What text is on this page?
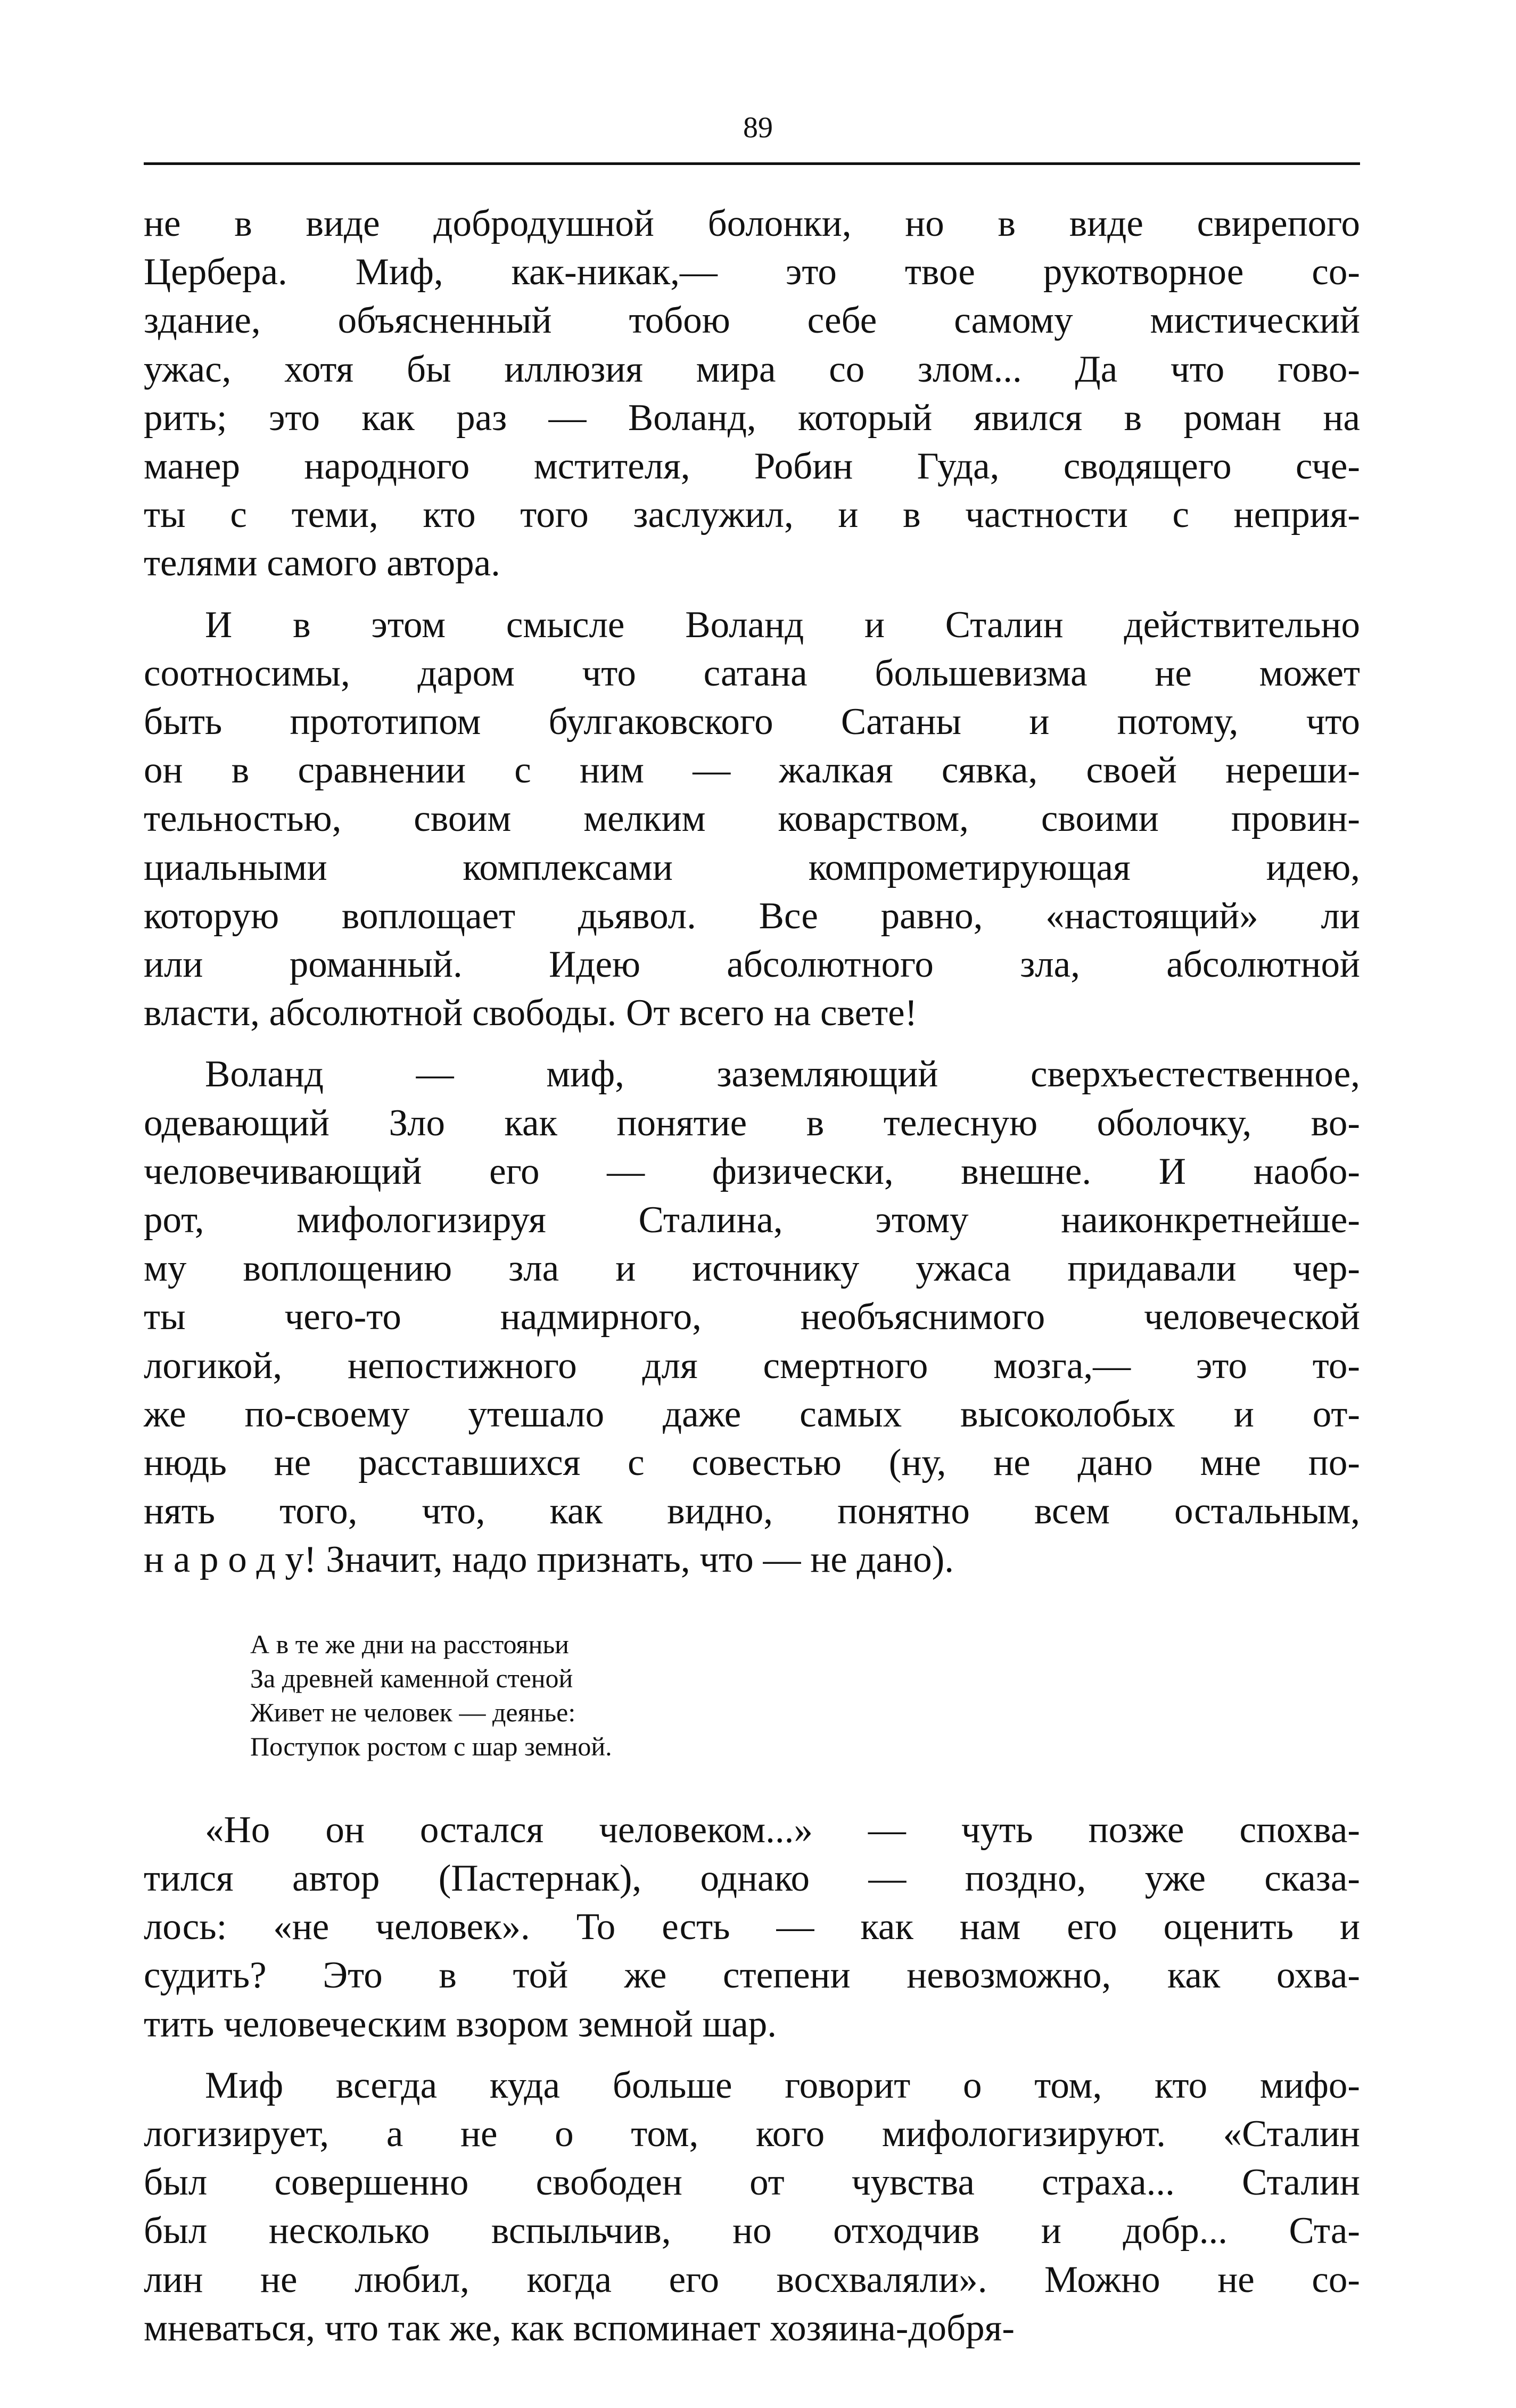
89
не в виде добродушной болонки, но в виде свирепого
Цербера. Миф, как-никак,— это твое рукотворное со-
здание, объясненный тобою себе самому мистический
ужас, хотя бы иллюзия мира со злом... Да что гово-
рить; это как раз — Воланд, который явился в роман на
манер народного мстителя, Робин Гуда, сводящего сче-
ты с теми, кто того заслужил, и в частности с неприя-
телями самого автора.
И в этом смысле Воланд и Сталин действительно
соотносимы, даром что сатана большевизма не может
быть прототипом булгаковского Сатаны и потому, что
он в сравнении с ним — жалкая сявка, своей нереши-
тельностью, своим мелким коварством, своими провин-
циальными комплексами компрометирующая идею,
которую воплощает дьявол. Все равно, «настоящий» ли
или романный. Идею абсолютного зла, абсолютной
власти, абсолютной свободы. От всего на свете!
Воланд — миф, заземляющий сверхъестественное,
одевающий Зло как понятие в телесную оболочку, во-
человечивающий его — физически, внешне. И наобо-
рот, мифологизируя Сталина, этому наиконкретнейше-
му воплощению зла и источнику ужаса придавали чер-
ты чего-то надмирного, необъяснимого человеческой
логикой, непостижного для смертного мозга,— это то-
же по-своему утешало даже самых высоколобых и от-
нюдь не расставшихся с совестью (ну, не дано мне по-
нять того, что, как видно, понятно всем остальным,
н а р о д у! Значит, надо признать, что — не дано).
А в те же дни на расстояньи
За древней каменной стеной
Живет не человек — деянье:
Поступок ростом с шар земной.
«Но он остался человеком...» — чуть позже спохва-
тился автор (Пастернак), однако — поздно, уже сказа-
лось: «не человек». То есть — как нам его оценить и
судить? Это в той же степени невозможно, как охва-
тить человеческим взором земной шар.
Миф всегда куда больше говорит о том, кто мифо-
логизирует, а не о том, кого мифологизируют. «Сталин
был совершенно свободен от чувства страха... Сталин
был несколько вспыльчив, но отходчив и добр... Ста-
лин не любил, когда его восхваляли». Можно не со-
мневаться, что так же, как вспоминает хозяина-добря-
